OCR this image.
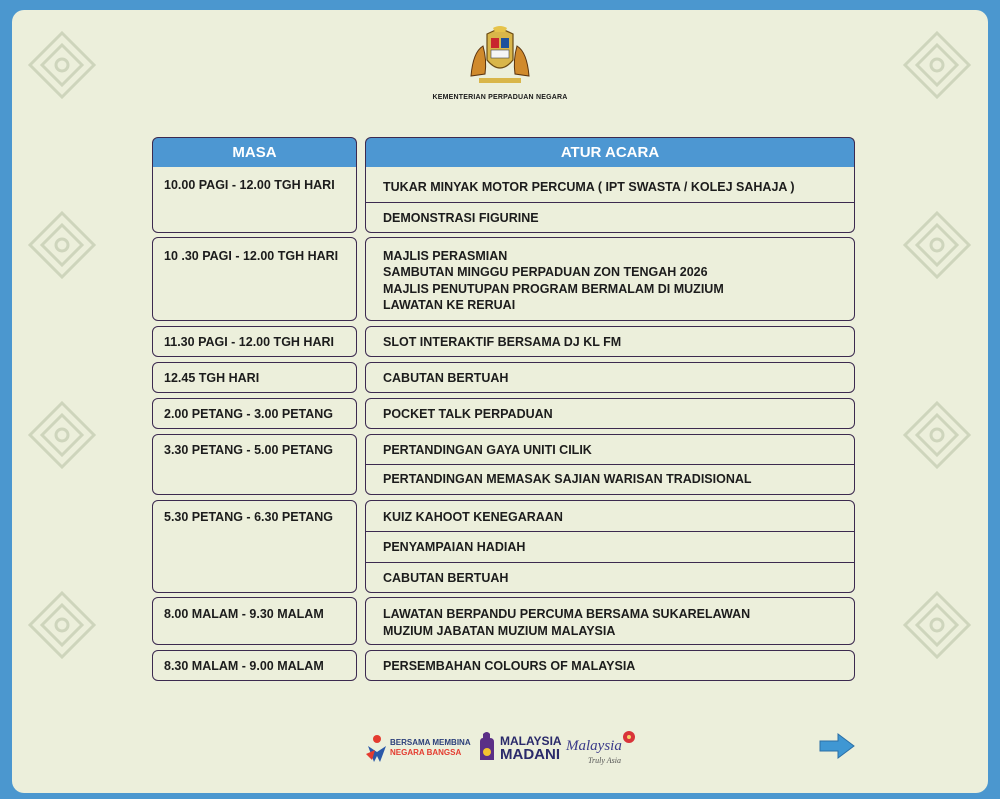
KEMENTERIAN PERPADUAN NEGARA
MASA	ATUR ACARA
10.00 PAGI - 12.00 TGH HARI	TUKAR MINYAK MOTOR PERCUMA ( IPT SWASTA / KOLEJ SAHAJA )
DEMONSTRASI FIGURINE
10 .30 PAGI - 12.00 TGH HARI	MAJLIS PERASMIAN
SAMBUTAN MINGGU PERPADUAN ZON TENGAH 2026
MAJLIS PENUTUPAN PROGRAM BERMALAM DI MUZIUM
LAWATAN KE RERUAI
11.30 PAGI - 12.00 TGH HARI	SLOT INTERAKTIF BERSAMA DJ KL FM
12.45 TGH HARI	CABUTAN BERTUAH
2.00 PETANG - 3.00 PETANG	POCKET TALK PERPADUAN
3.30 PETANG - 5.00 PETANG	PERTANDINGAN GAYA UNITI CILIK
PERTANDINGAN MEMASAK SAJIAN WARISAN TRADISIONAL
5.30 PETANG - 6.30 PETANG	KUIZ KAHOOT KENEGARAAN
PENYAMPAIAN HADIAH
CABUTAN BERTUAH
8.00 MALAM - 9.30 MALAM	LAWATAN BERPANDU PERCUMA BERSAMA SUKARELAWAN
MUZIUM JABATAN MUZIUM MALAYSIA
8.30 MALAM - 9.00 MALAM	PERSEMBAHAN COLOURS OF MALAYSIA
BERSAMA MEMBINA
NEGARA BANGSA
MALAYSIA
MADANI Malaysia
Truly Asia
